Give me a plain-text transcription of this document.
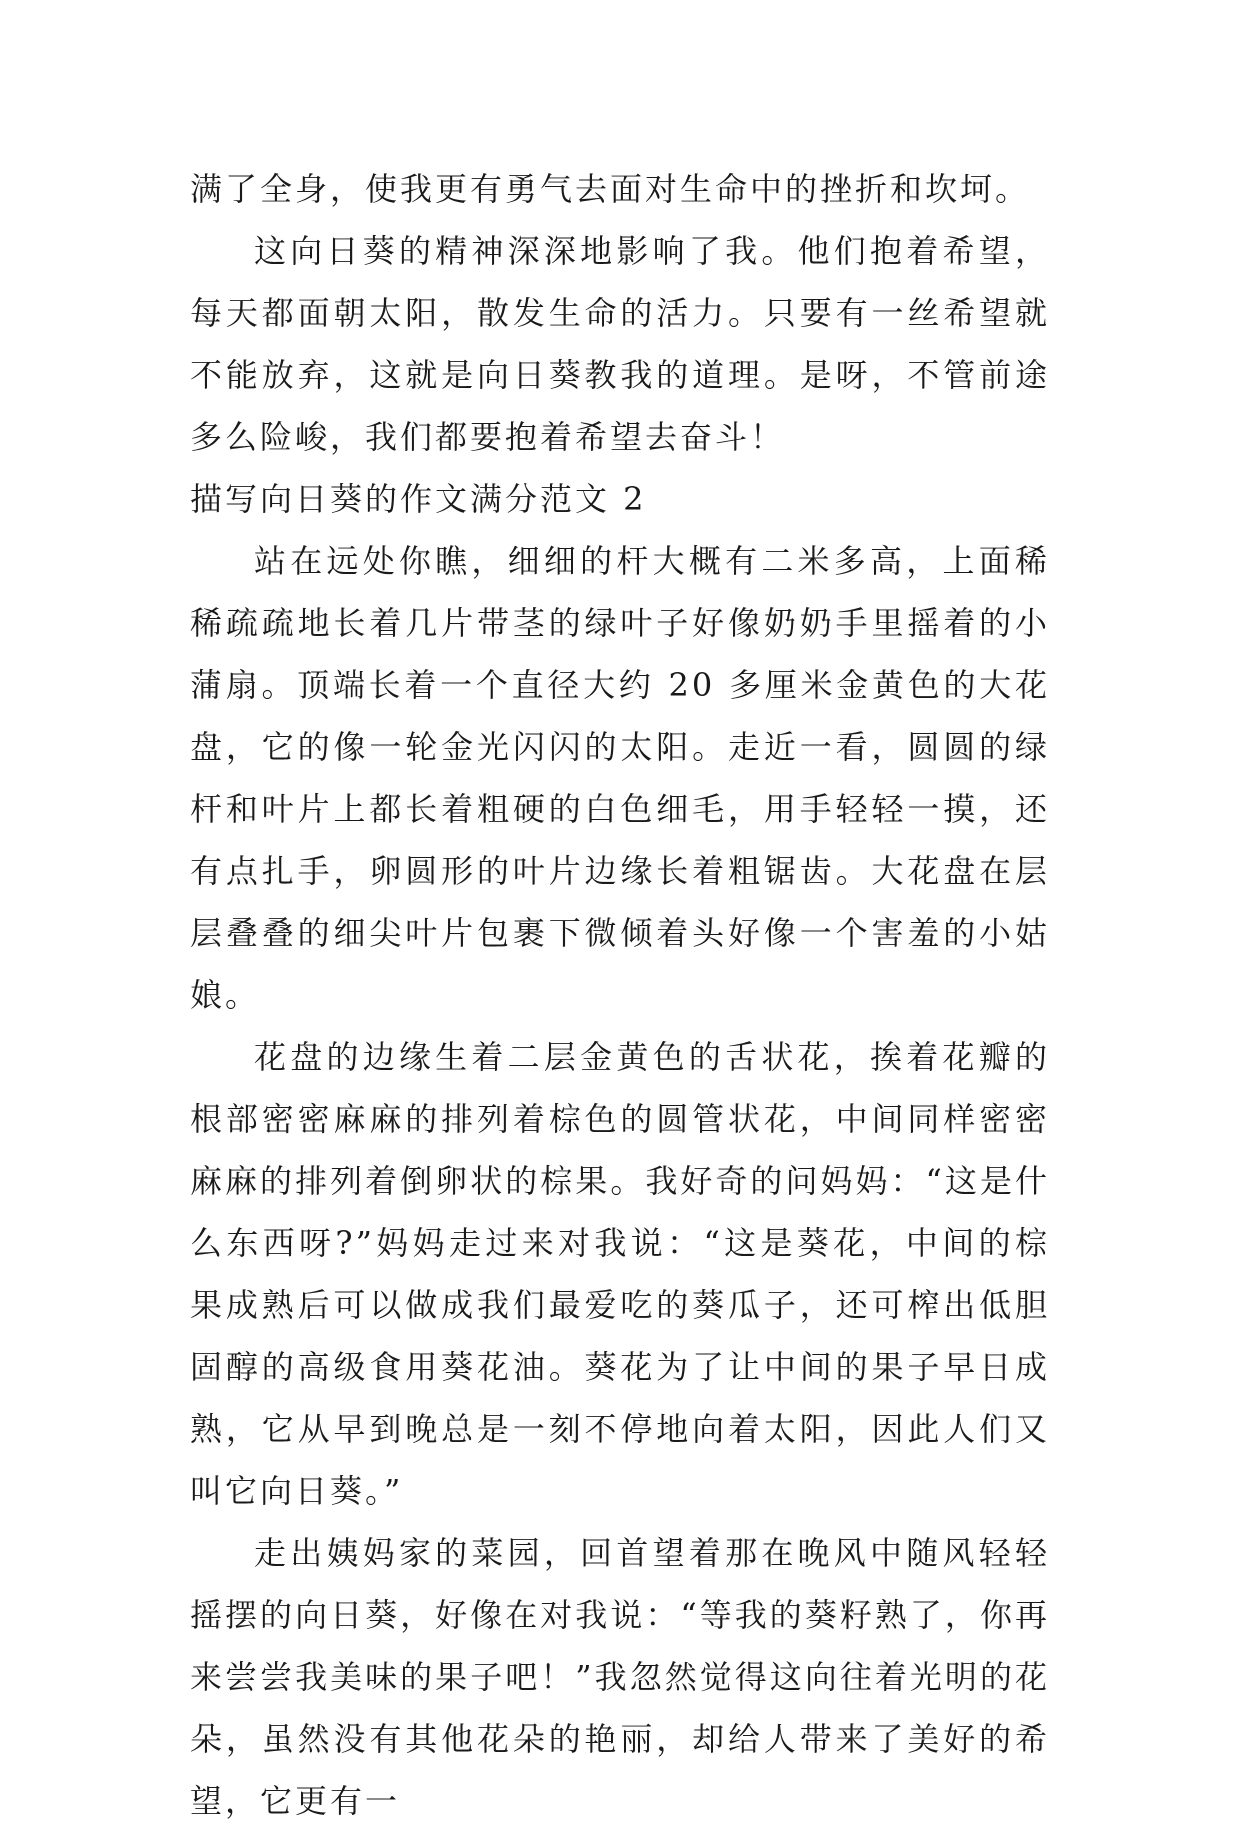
满了全身，使我更有勇气去面对生命中的挫折和坎坷。

这向日葵的精神深深地影响了我。他们抱着希望，每天都面朝太阳，散发生命的活力。只要有一丝希望就不能放弃，这就是向日葵教我的道理。是呀，不管前途多么险峻，我们都要抱着希望去奋斗！

描写向日葵的作文满分范文 2

站在远处你瞧，细细的杆大概有二米多高，上面稀稀疏疏地长着几片带茎的绿叶子好像奶奶手里摇着的小蒲扇。顶端长着一个直径大约 20 多厘米金黄色的大花盘，它的像一轮金光闪闪的太阳。走近一看，圆圆的绿杆和叶片上都长着粗硬的白色细毛，用手轻轻一摸，还有点扎手，卵圆形的叶片边缘长着粗锯齿。大花盘在层层叠叠的细尖叶片包裹下微倾着头好像一个害羞的小姑娘。

花盘的边缘生着二层金黄色的舌状花，挨着花瓣的根部密密麻麻的排列着棕色的圆管状花，中间同样密密麻麻的排列着倒卵状的棕果。我好奇的问妈妈：“这是什么东西呀?”妈妈走过来对我说：“这是葵花，中间的棕果成熟后可以做成我们最爱吃的葵瓜子，还可榨出低胆固醇的高级食用葵花油。葵花为了让中间的果子早日成熟，它从早到晚总是一刻不停地向着太阳，因此人们又叫它向日葵。”

走出姨妈家的菜园，回首望着那在晚风中随风轻轻摇摆的向日葵，好像在对我说：“等我的葵籽熟了，你再来尝尝我美味的果子吧！”我忽然觉得这向往着光明的花朵，虽然没有其他花朵的艳丽，却给人带来了美好的希望，它更有一
